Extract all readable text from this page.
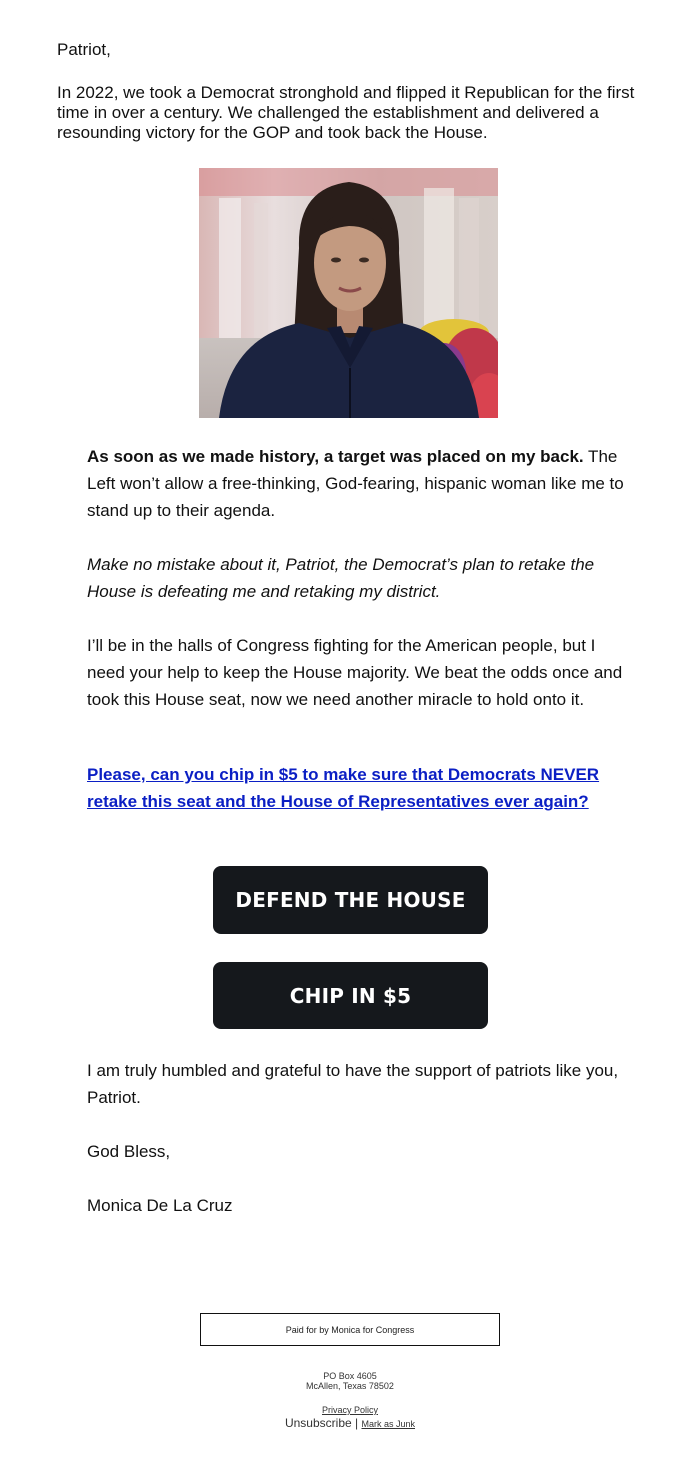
Patriot,
In 2022, we took a Democrat stronghold and flipped it Republican for the first time in over a century. We challenged the establishment and delivered a resounding victory for the GOP and took back the House.
As soon as we made history, a target was placed on my back. The Left won’t allow a free-thinking, God-fearing, hispanic woman like me to stand up to their agenda.
Make no mistake about it, Patriot, the Democrat’s plan to retake the House is defeating me and retaking my district.
I’ll be in the halls of Congress fighting for the American people, but I need your help to keep the House majority. We beat the odds once and took this House seat, now we need another miracle to hold onto it.
Please, can you chip in $5 to make sure that Democrats NEVER retake this seat and the House of Representatives ever again?
DEFEND THE HOUSE
CHIP IN $5
I am truly humbled and grateful to have the support of patriots like you, Patriot.
God Bless,
Monica De La Cruz
Paid for by Monica for Congress
PO Box 4605
McAllen, Texas 78502
Privacy Policy
Unsubscribe | Mark as Junk
